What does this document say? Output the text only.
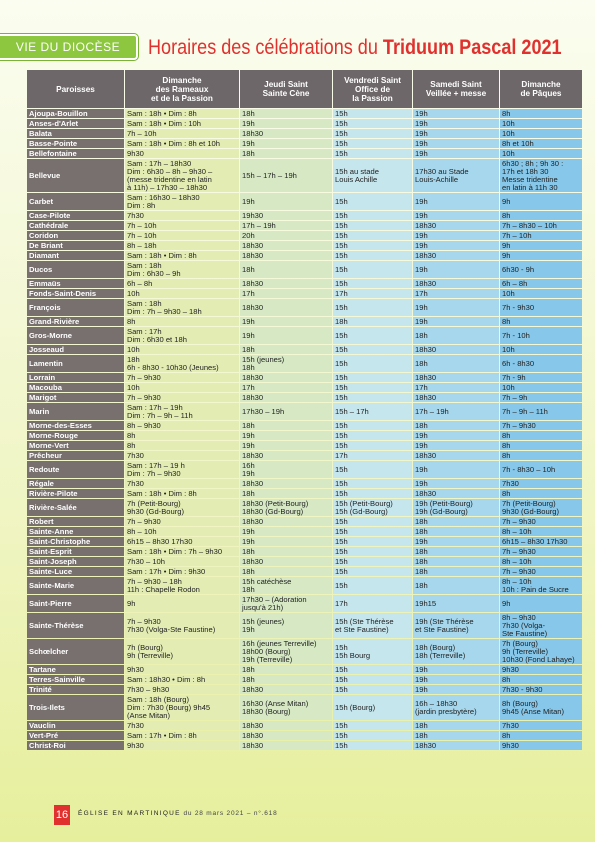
VIE DU DIOCÈSE	Horaires des célébrations du Triduum Pascal 2021
Paroisses	Dimanche
des Rameaux
et de la Passion	Jeudi Saint
Sainte Cène	Vendredi Saint
Office de
la Passion	Samedi Saint
Veillée + messe	Dimanche
de Pâques
Ajoupa-Bouillon	Sam : 18h • Dim : 8h	18h	15h	19h	8h
Anses-d'Arlet	Sam : 18h • Dim : 10h	19h	15h	19h	10h
Balata	7h – 10h	18h30	15h	19h	10h
Basse-Pointe	Sam : 18h • Dim : 8h et 10h	19h	15h	19h	8h et 10h
Bellefontaine	9h30	18h	15h	19h	10h
Bellevue	Sam : 17h – 18h30
Dim : 6h30 – 8h – 9h30 –
(messe tridentine en latin
à 11h) – 17h30 – 18h30	15h – 17h – 19h	15h au stade
Louis Achille	17h30 au Stade
Louis-Achille	6h30 ; 8h ; 9h 30 :
17h et 18h 30
Messe tridentine
en latin à 11h 30
Carbet	Sam : 16h30 – 18h30
Dim : 8h	19h	15h	19h	9h
Case-Pilote	7h30	19h30	15h	19h	8h
Cathédrale	7h – 10h	17h – 19h	15h	18h30	7h – 8h30 – 10h
Coridon	7h – 10h	20h	15h	19h	7h – 10h
De Briant	8h – 18h	18h30	15h	19h	9h
Diamant	Sam : 18h • Dim : 8h	18h30	15h	18h30	9h
Ducos	Sam : 18h
Dim : 6h30 – 9h	18h	15h	19h	6h30 - 9h
Emmaüs	6h – 8h	18h30	15h	18h30	6h – 8h
Fonds-Saint-Denis	10h	17h	17h	17h	10h
François	Sam : 18h
Dim : 7h – 9h30 – 18h	18h30	15h	19h	7h - 9h30
Grand-Rivière	8h	19h	18h	19h	8h
Gros-Morne	Sam : 17h
Dim : 6h30 et 18h	19h	15h	18h	7h - 10h
Josseaud	10h	18h	15h	18h30	10h
Lamentin	18h
6h - 8h30 - 10h30 (Jeunes)	15h (jeunes)
18h	15h	18h	6h - 8h30
Lorrain	7h – 9h30	18h30	15h	18h30	7h - 9h
Macouba	10h	17h	15h	17h	10h
Marigot	7h – 9h30	18h30	15h	18h30	7h – 9h
Marin	Sam : 17h – 19h
Dim : 7h – 9h – 11h	17h30 – 19h	15h – 17h	17h – 19h	7h – 9h – 11h
Morne-des-Esses	8h – 9h30	18h	15h	18h	7h – 9h30
Morne-Rouge	8h	19h	15h	19h	8h
Morne-Vert	8h	19h	15h	19h	8h
Prêcheur	7h30	18h30	17h	18h30	8h
Redoute	Sam : 17h – 19 h
Dim : 7h – 9h30	16h
19h	15h	19h	7h - 8h30 – 10h
Régale	7h30	18h30	15h	19h	7h30
Rivière-Pilote	Sam : 18h • Dim : 8h	18h	15h	18h30	8h
Rivière-Salée	7h (Petit-Bourg)
9h30 (Gd-Bourg)	18h30 (Petit-Bourg)
18h30 (Gd-Bourg)	15h (Petit-Bourg)
15h (Gd-Bourg)	19h (Petit-Bourg)
19h (Gd-Bourg)	7h (Petit-Bourg)
9h30 (Gd-Bourg)
Robert	7h – 9h30	18h30	15h	18h	7h – 9h30
Sainte-Anne	8h – 10h	19h	15h	18h	8h – 10h
Saint-Christophe	6h15 – 8h30 17h30	19h	15h	19h	6h15 – 8h30 17h30
Saint-Esprit	Sam : 18h • Dim : 7h – 9h30	18h	15h	18h	7h – 9h30
Saint-Joseph	7h30 – 10h	18h30	15h	18h	8h – 10h
Sainte-Luce	Sam : 17h • Dim : 9h30	18h	15h	18h	7h – 9h30
Sainte-Marie	7h – 9h30 – 18h
11h : Chapelle Rodon	15h catéchèse
18h	15h	18h	8h – 10h
10h : Pain de Sucre
Saint-Pierre	9h	17h30 – (Adoration
jusqu'à 21h)	17h	19h15	9h
Sainte-Thérèse	7h – 9h30
7h30 (Volga-Ste Faustine)	15h (jeunes)
19h	15h (Ste Thérèse
et Ste Faustine)	19h (Ste Thérèse
et Ste Faustine)	8h – 9h30
7h30 (Volga-
Ste Faustine)
Schœlcher	7h (Bourg)
9h (Terreville)	16h (jeunes Terreville)
18h00 (Bourg)
19h (Terreville)	15h
15h Bourg	18h (Bourg)
18h (Terreville)	7h (Bourg)
9h (Terreville)
10h30 (Fond Lahaye)
Tartane	9h30	18h	15h	19h	9h30
Terres-Sainville	Sam : 18h30 • Dim : 8h	18h	15h	19h	8h
Trinité	7h30 – 9h30	18h30	15h	19h	7h30 - 9h30
Trois-Ilets	Sam : 18h (Bourg)
Dim : 7h30 (Bourg) 9h45
(Anse Mitan)	16h30 (Anse Mitan)
18h30 (Bourg)	15h (Bourg)	16h – 18h30
(jardin presbytère)	8h (Bourg)
9h45 (Anse Mitan)
Vauclin	7h30	18h30	15h	18h	7h30
Vert-Pré	Sam : 17h • Dim : 8h	18h30	15h	18h	8h
Christ-Roi	9h30	18h30	15h	18h30	9h30
16 ÉGLISE EN MARTINIQUE du 28 mars 2021 – n°.618
